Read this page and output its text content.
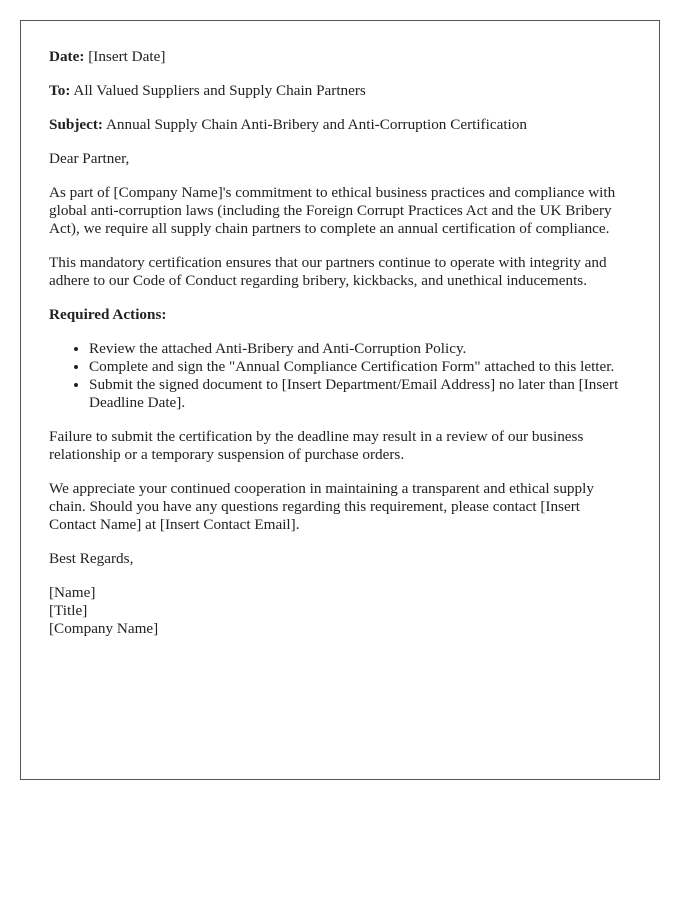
Date: [Insert Date]

To: All Valued Suppliers and Supply Chain Partners

Subject: Annual Supply Chain Anti-Bribery and Anti-Corruption Certification

Dear Partner,

As part of [Company Name]'s commitment to ethical business practices and compliance with global anti-corruption laws (including the Foreign Corrupt Practices Act and the UK Bribery Act), we require all supply chain partners to complete an annual certification of compliance.

This mandatory certification ensures that our partners continue to operate with integrity and adhere to our Code of Conduct regarding bribery, kickbacks, and unethical inducements.

Required Actions:

• Review the attached Anti-Bribery and Anti-Corruption Policy.
• Complete and sign the "Annual Compliance Certification Form" attached to this letter.
• Submit the signed document to [Insert Department/Email Address] no later than [Insert Deadline Date].

Failure to submit the certification by the deadline may result in a review of our business relationship or a temporary suspension of purchase orders.

We appreciate your continued cooperation in maintaining a transparent and ethical supply chain. Should you have any questions regarding this requirement, please contact [Insert Contact Name] at [Insert Contact Email].

Best Regards,

[Name]

[Title]

[Company Name]
